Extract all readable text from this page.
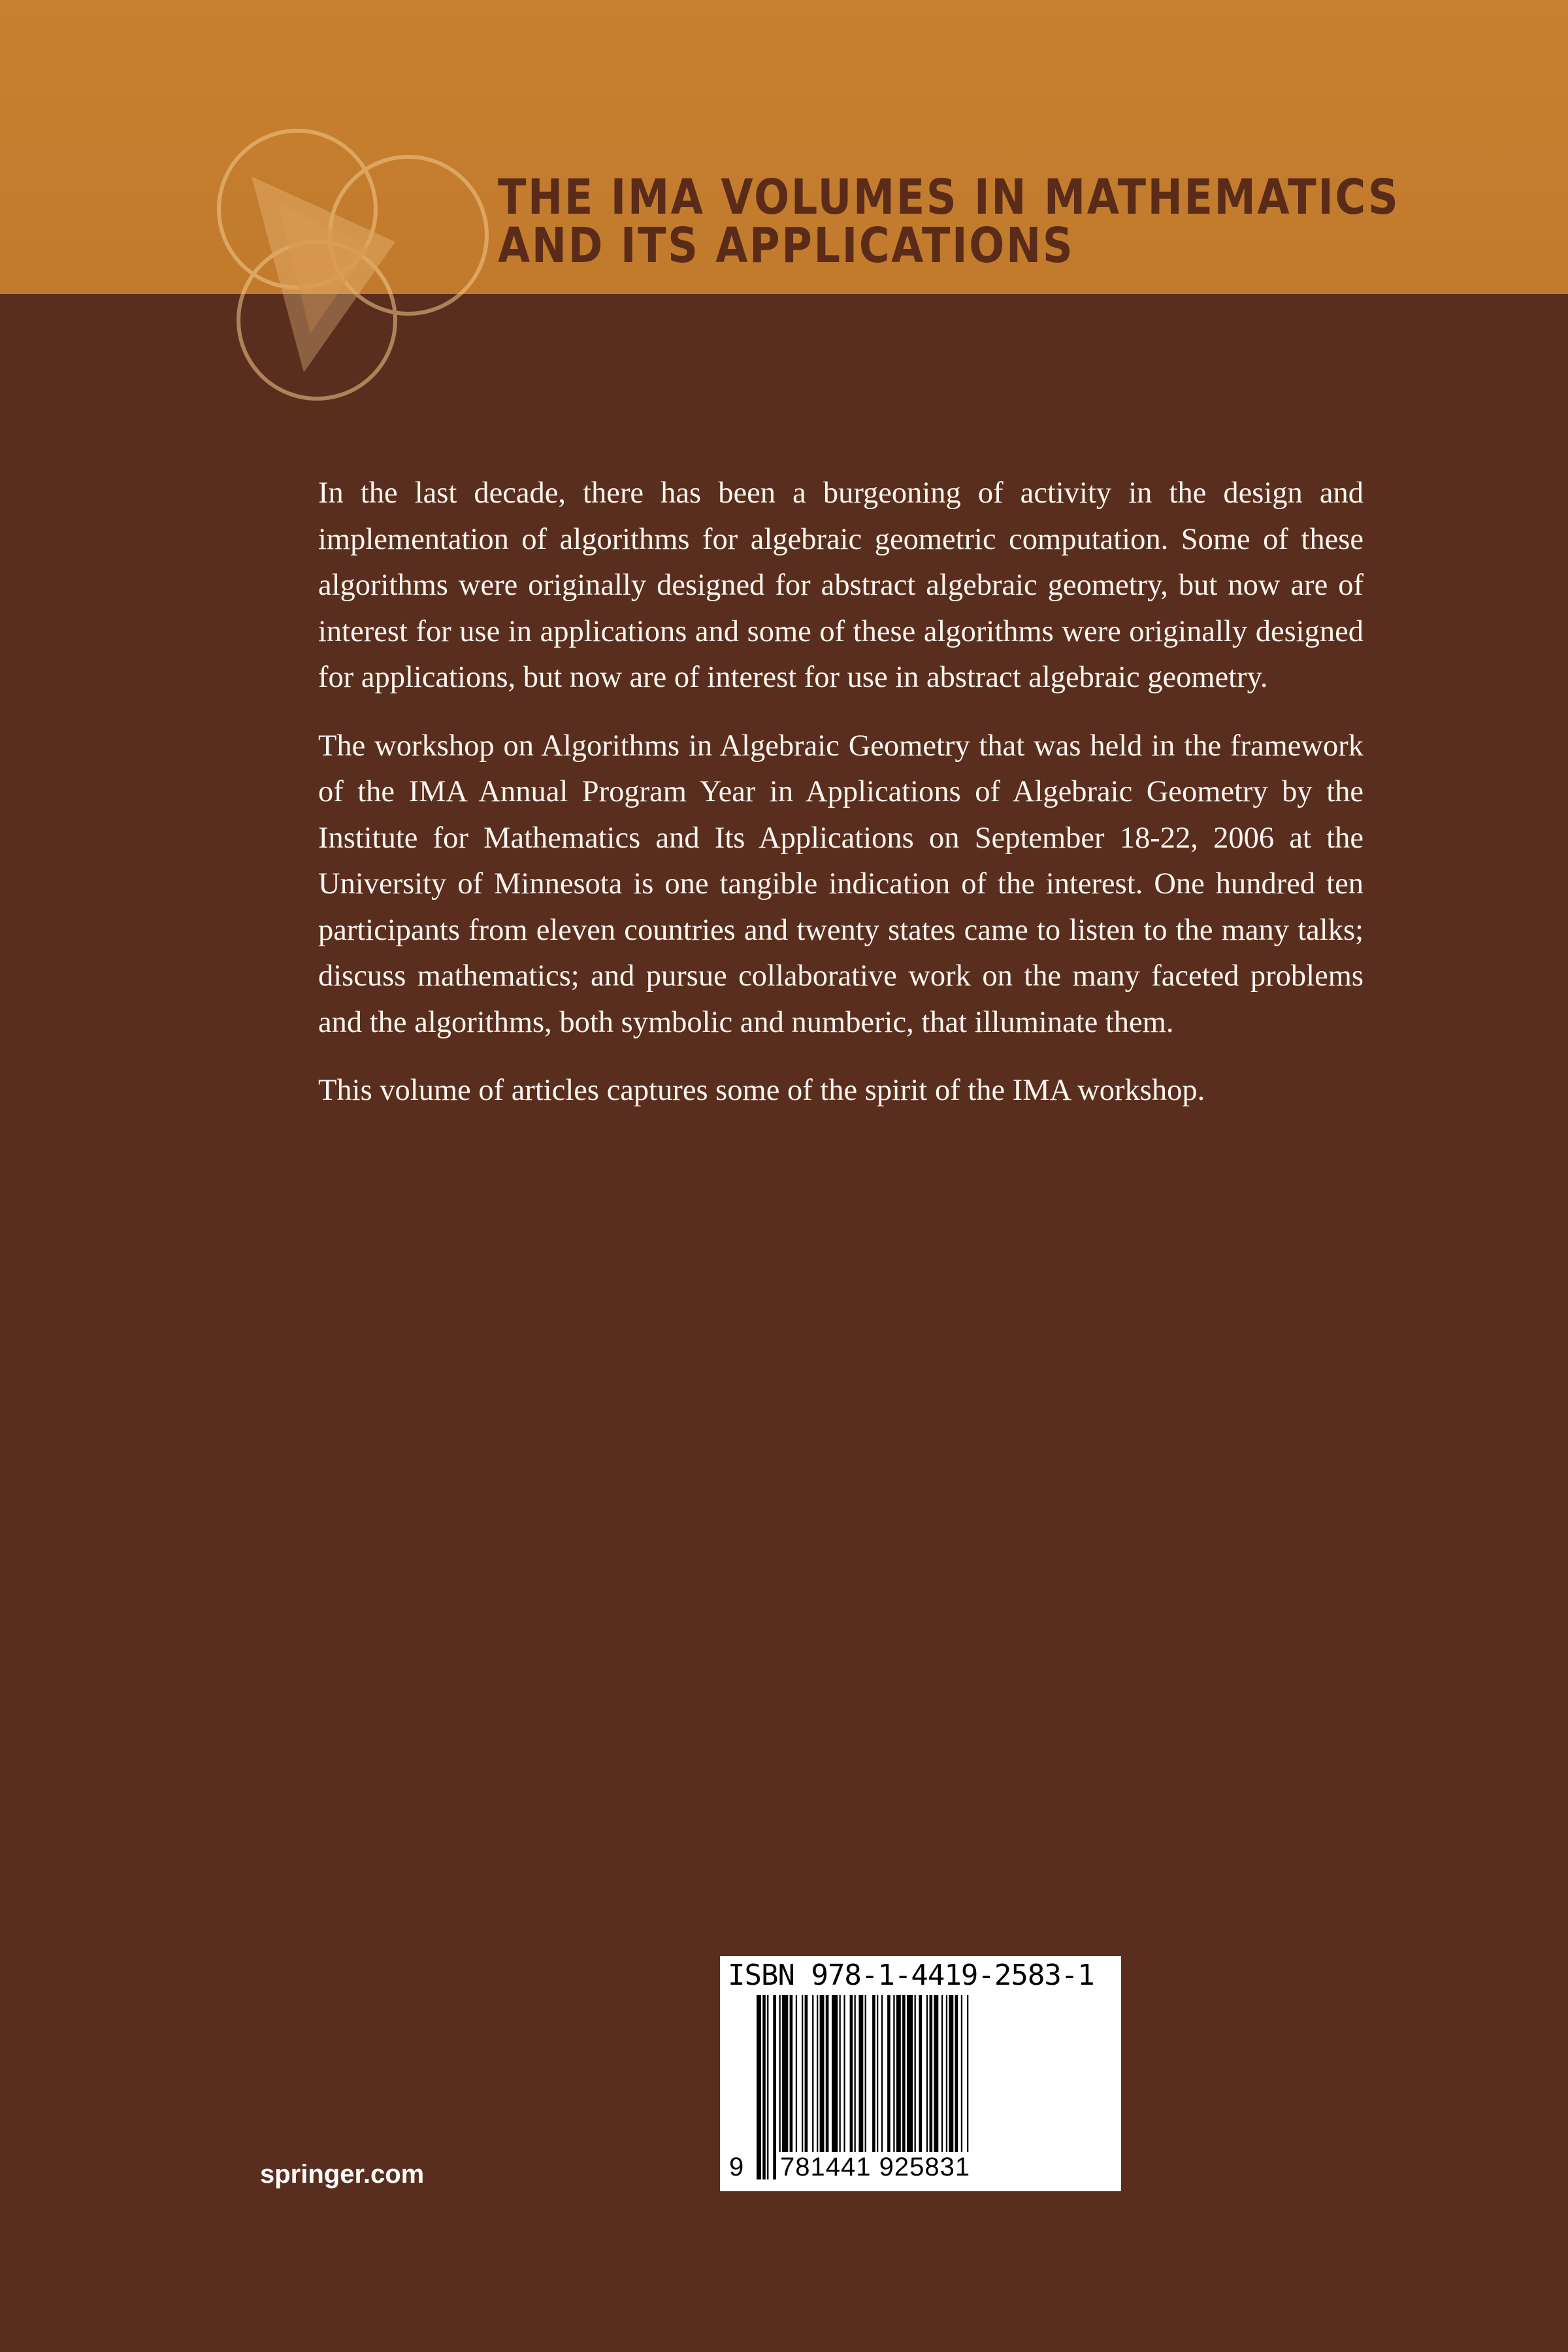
THE IMA VOLUMES IN MATHEMATICS
AND ITS APPLICATIONS

In the last decade, there has been a burgeoning of activity in the design and implementation of algorithms for algebraic geometric computation. Some of these algorithms were originally designed for abstract algebraic geometry, but now are of interest for use in applications and some of these algorithms were originally designed for applications, but now are of interest for use in abstract algebraic geometry.

The workshop on Algorithms in Algebraic Geometry that was held in the framework of the IMA Annual Program Year in Applications of Algebraic Geometry by the Institute for Mathematics and Its Applications on September 18-22, 2006 at the University of Minnesota is one tangible indication of the interest. One hundred ten participants from eleven countries and twenty states came to listen to the many talks; discuss mathematics; and pursue collaborative work on the many faceted problems and the algorithms, both symbolic and numberic, that illuminate them.

This volume of articles captures some of the spirit of the IMA workshop.

springer.com
ISBN 978-1-4419-2583-1
9 781441 925831
